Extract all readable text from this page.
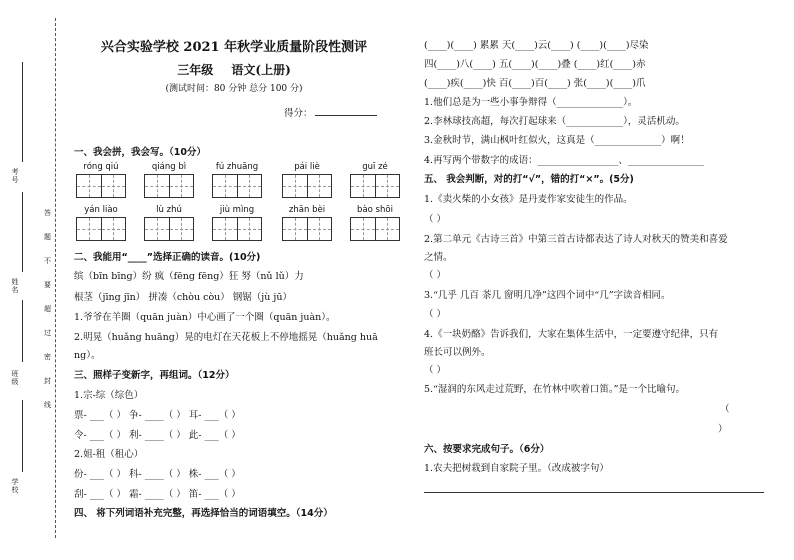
考号
姓名
班级
学校
答
题
不
要
超
过
密
封
线
兴合实验学校 2021 年秋学业质量阶段性测评
三年级 语文(上册)
(测试时间：80 分钟 总分 100 分)
得分：
一、我会拼，我会写。（10分）
róng qiú	qiáng bì	fú zhuāng	pái liè	guī zé
yán liào	lù zhú	jiù mìng	zhān bèi	bào shōi
二、我能用“____”选择正确的读音。(10分)
缤（bīn bīng）纷 疯（fēng fēng）狂 努（nǔ lǔ）力
根茎（jīng jīn） 拼凑（chòu còu） 钢锯（jù jū）
1.爷爷在羊圈（quān juàn）中心画了一个圈（quān juàn）。
2.明晃（huǎng huāng）晃的电灯在天花板上不停地摇晃（huǎng huā
ng）。
三、照样子变新字，再组词。（12分）
1.宗-综（综色）
票- ___（ ） 争- ____（ ） 耳- ___（ ）
令- ___（ ） 利- ____（ ） 此- ___（ ）
2.姐-租（租心）
份- ___（ ） 科- ____（ ） 株- ___（ ）
刮- ___（ ） 霜- ____（ ） 笛- ___（ ）
四、 将下列词语补充完整，再选择恰当的词语填空。（14分）
(____)(____) 累累 天(____)云(____) (____)(____)尽染
四(____)八(____) 五(____)(____)叠 (____)红(____)赤
(____)疾(____)快 百(____)百(____) 张(____)(____)爪
1.他们总是为一些小事争辩得（______________）。
2.李林球技高超，每次打起球来（____________），灵活机动。
3.金秋时节，满山枫叶红似火，这真是（______________）啊！
4.再写两个带数字的成语：_________________、________________
五、 我会判断，对的打“√”，错的打“×”。(5分)
1.《卖火柴的小女孩》是丹麦作家安徒生的作品。
（ ）
2.第二单元《古诗三首》中第三首古诗都表达了诗人对秋天的赞美和喜爱
之情。
（ ）
3.“几乎 几百 茶几 窗明几净”这四个词中“几”字读音相同。
（ ）
4.《一块奶酪》告诉我们，大家在集体生活中，一定要遵守纪律，只有
班长可以例外。
（ ）
5.“湿润的东风走过荒野，在竹林中吹着口笛。”是一个比喻句。
（
）
六、按要求完成句子。（6分）
1.农夫把树栽到自家院子里。（改成被字句）
